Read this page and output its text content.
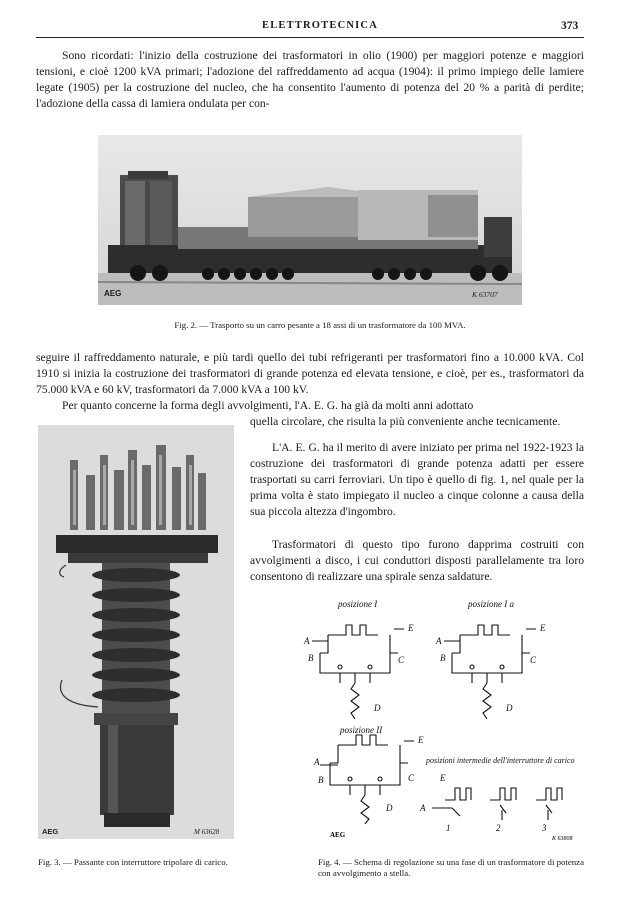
ELETTROTECNICA	373

Sono ricordati: l'inizio della costruzione dei trasformatori in olio (1900) per maggiori potenze e maggiori tensioni, e cioè 1200 kVA primari; l'adozione del raffreddamento ad acqua (1904): il primo impiego delle lamiere legate (1905) per la costruzione del nucleo, che ha consentito l'aumento di potenza del 20 % a parità di perdite; l'adozione della cassa di lamiera ondulata per con-

AEG	K 63707
Fig. 2. — Trasporto su un carro pesante a 18 assi di un trasformatore da 100 MVA.

seguire il raffreddamento naturale, e più tardi quello dei tubi refrigeranti per trasformatori fino a 10.000 kVA. Col 1910 si inizia la costruzione dei trasformatori di grande potenza ed elevata tensione, e cioè, per es., trasformatori da 75.000 kVA e 60 kV, trasformatori da 7.000 kVA a 100 kV.

Per quanto concerne la forma degli avvolgimenti, l'A. E. G. ha già da molti anni adottato

quella circolare, che risulta la più conveniente anche tecnicamente.

L'A. E. G. ha il merito di avere iniziato per prima nel 1922-1923 la costruzione dei trasformatori di grande potenza adatti per essere trasportati su carri ferroviari. Un tipo è quello di fig. 1, nel quale per la prima volta è stato impiegato il nucleo a cinque colonne a causa della sua piccola altezza d'ingombro.

Trasformatori di questo tipo furono dapprima costruiti con avvolgimenti a disco, i cui conduttori disposti parallelamente tra loro consentono di realizzare una spirale senza saldature.

AEG	M 63628
Fig. 3. — Passante con interruttore tripolare di carico.
posizione I	posizione I a
posizione II
posizioni intermedie dell'interruttore di carico
A
B	C
E
D
A
B	C
E
D
A
B	C
E
D	A
E
1	2	3
AEG	K 63808
Fig. 4. — Schema di regolazione su una fase di un trasformatore di potenza con avvolgimento a stella.
